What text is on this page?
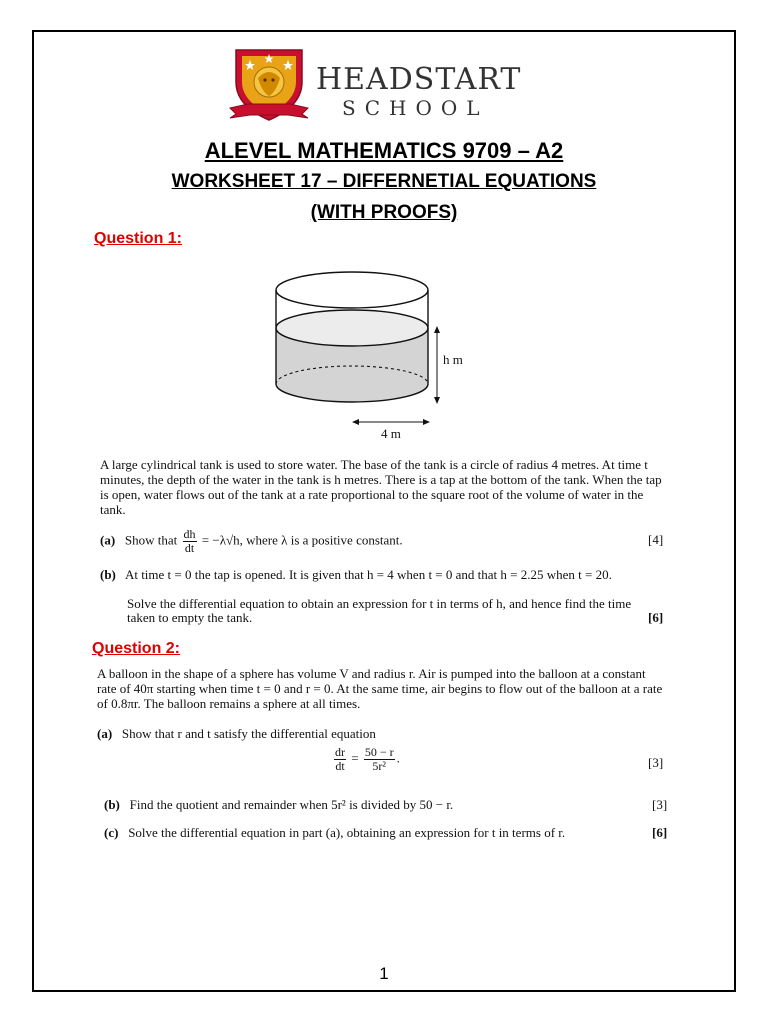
HEADSTART
SCHOOL
ALEVEL MATHEMATICS 9709 – A2
WORKSHEET 17 – DIFFERNETIAL EQUATIONS
(WITH PROOFS)
Question 1:
h m
4 m
A large cylindrical tank is used to store water. The base of the tank is a circle of radius 4 metres. At time t minutes, the depth of the water in the tank is h metres. There is a tap at the bottom of the tank. When the tap is open, water flows out of the tank at a rate proportional to the square root of the volume of water in the tank.
(a) Show that $\frac{dh}{dt} = -\lambda√h$, where λ is a positive constant.	[4]
(b) At time t = 0 the tap is opened. It is given that h = 4 when t = 0 and that h = 2.25 when t = 20.
Solve the differential equation to obtain an expression for t in terms of h, and hence find the time
taken to empty the tank.	[6]
Question 2:
A balloon in the shape of a sphere has volume V and radius r. Air is pumped into the balloon at a constant rate of 40π starting when time t = 0 and r = 0. At the same time, air begins to flow out of the balloon at a rate of 0.8πr. The balloon remains a sphere at all times.
(a) Show that r and t satisfy the differential equation
$\frac{dr}{dt} = \frac{50 - r}{\text{5r²}}$ .	[3]
(b) Find the quotient and remainder when 5r² is divided by 50 − r.	[3]
(c) Solve the differential equation in part (a), obtaining an expression for t in terms of r.	[6]
1
